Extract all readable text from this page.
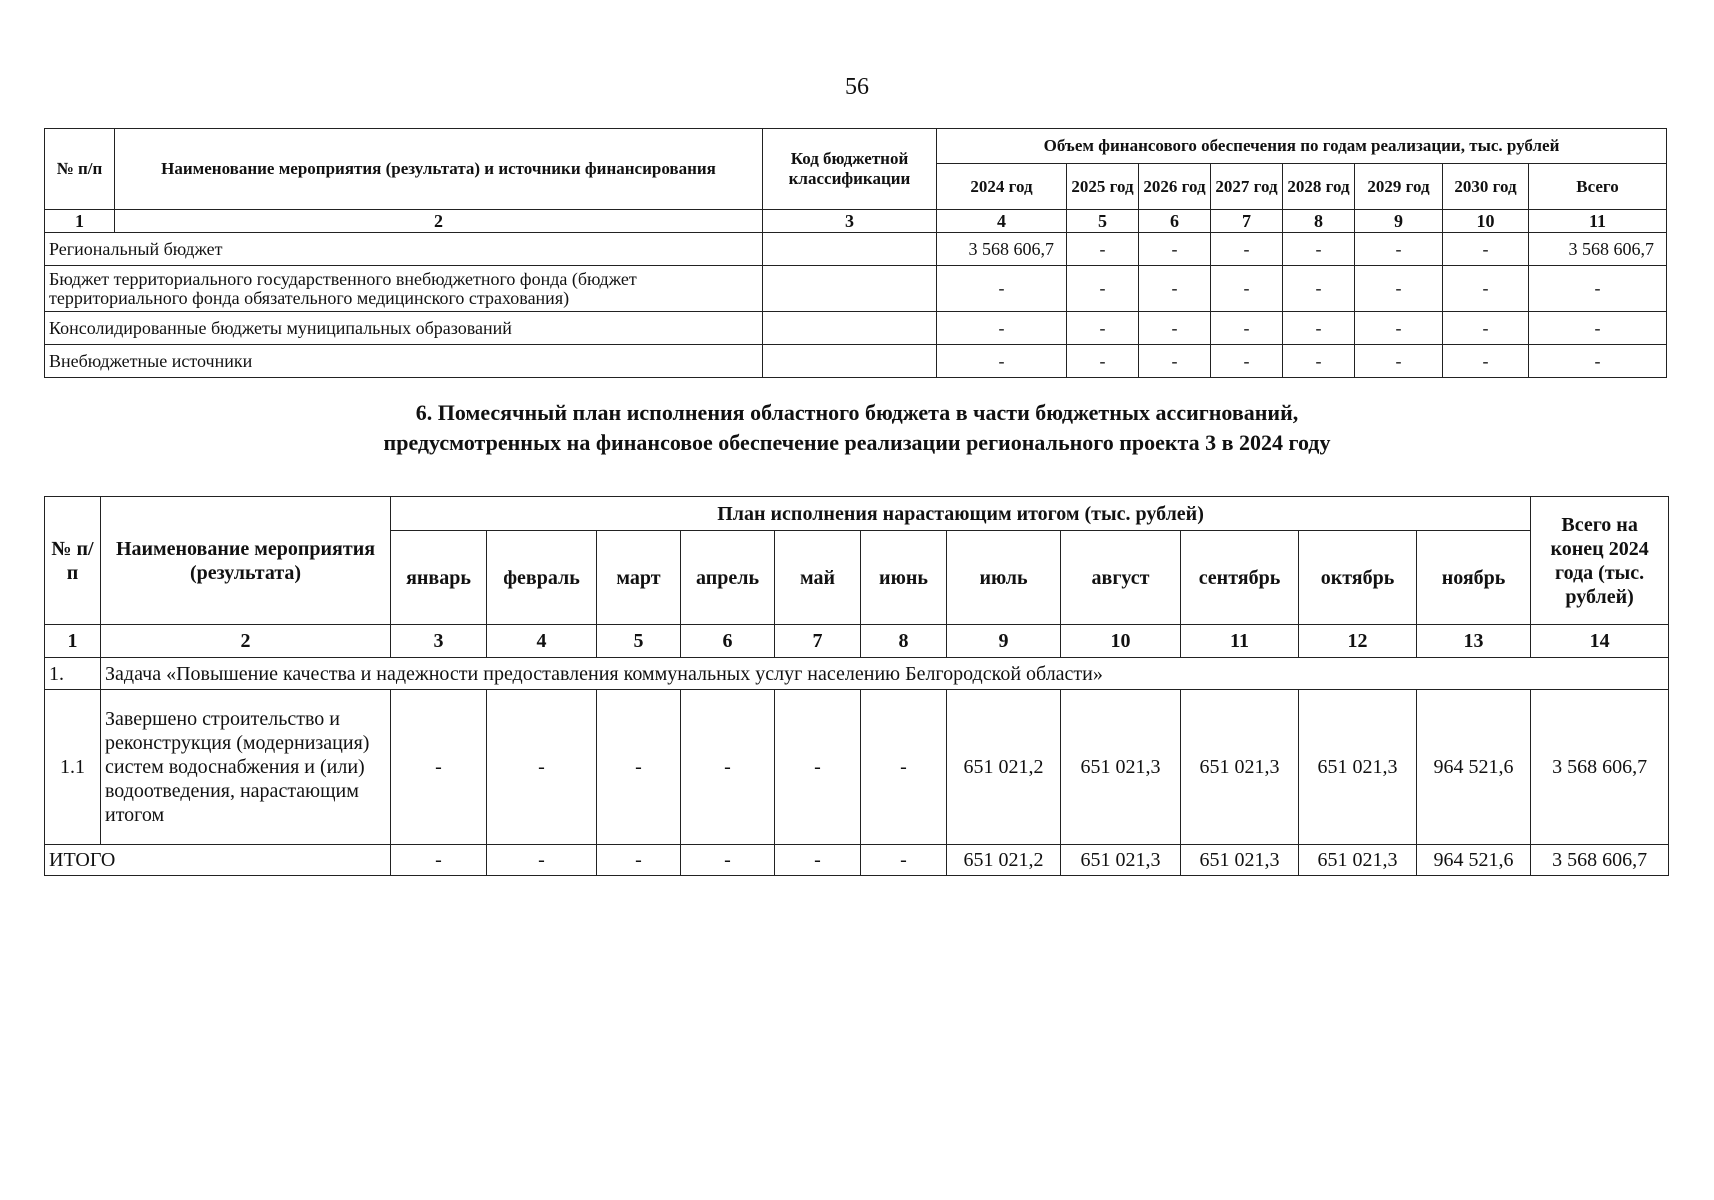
56
№ п/п	Наименование мероприятия (результата) и источники финансирования	Код бюджетной классификации	Объем финансового обеспечения по годам реализации, тыс. рублей							
			2024 год	2025 год	2026 год	2027 год	2028 год	2029 год	2030 год	Всего
1	2	3	4	5	6	7	8	9	10	11
Региональный бюджет			3 568 606,7	-	-	-	-	-	-	3 568 606,7
Бюджет территориального государственного внебюджетного фонда (бюджет территориального фонда обязательного медицинского страхования)			-	-	-	-	-	-	-	-
Консолидированные бюджеты муниципальных образований			-	-	-	-	-	-	-	-
Внебюджетные источники			-	-	-	-	-	-	-	-
6. Помесячный план исполнения областного бюджета в части бюджетных ассигнований,
предусмотренных на финансовое обеспечение реализации регионального проекта 3 в 2024 году
№ п/п	Наименование мероприятия (результата)	План исполнения нарастающим итогом (тыс. рублей)											Всего на конец 2024 года (тыс. рублей)
		январь	февраль	март	апрель	май	июнь	июль	август	сентябрь	октябрь	ноябрь	
1	2	3	4	5	6	7	8	9	10	11	12	13	14
1.	Задача «Повышение качества и надежности предоставления коммунальных услуг населению Белгородской области»												
1.1	Завершено строительство и реконструкция (модернизация) систем водоснабжения и (или) водоотведения, нарастающим итогом	-	-	-	-	-	-	651 021,2	651 021,3	651 021,3	651 021,3	964 521,6	3 568 606,7
ИТОГО		-	-	-	-	-	-	651 021,2	651 021,3	651 021,3	651 021,3	964 521,6	3 568 606,7
